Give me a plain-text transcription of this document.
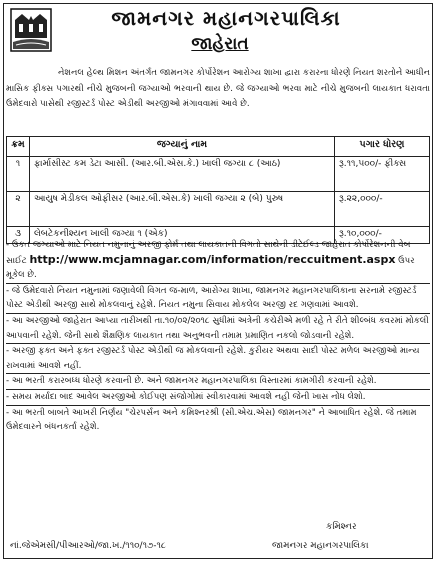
જામનગર મહાનગરપાલિકા
જાહેરાત
નેશનલ હેલ્થ મિશન અંતર્ગત જામનગર કોર્પોરેશન આરોગ્ય શાખા દ્વારા કરારના ધોરણે નિયત શરતોને આધીન માસિક ફીક્સ પગારથી નીચે મુજબની જગ્યાઓ ભરવાની થાય છે. જે જગ્યાઓ ભરવા માટે નીચે મુજબની લાયકાત ધરાવતા ઉમેદવારો પાસેથી રજીસ્ટર્ડ પોસ્ટ એડીથી અરજીઓ મંગાવવામાં આવે છે.
ક્રમ	જગ્યાનું નામ	પગાર ધોરણ
૧	ફાર્માસીસ્ટ કમ ડેટા આસી. (આર.બી.એસ.કે.) ખાલી જગ્યા ૮ (આઠ)	રૂ.૧૧,૫૦૦/- ફીક્સ
૨	આયુષ મેડીકલ ઓફીસર (આર.બી.એસ.કે) ખાલી જગ્યા ૨ (બે) પુરુષ	રૂ.૨૨,૦૦૦/-
૩	લેબટેકનીશ્યન ખાલી જગ્યા ૧ (એક)	રૂ.૧૦,૦૦૦/-

- ઉકત જગ્યાઓ માટે નિયત નમુનાનું અરજી ફોર્મ તથા લાયકાતની વિગતો સાથેની ડીટેઈલ્ડ જાહેરાત કોર્પોરેશનની વેબ સાઈટ http://www.mcjamnagar.com/information/reccuitment.aspx ઉપર મૂકેલ છે.

- જે ઉમેદવારો નિયત નમુનામાં જણાવેલી વિગત જ-માળ, આરોગ્ય શાખા, જામનગર મહાનગરપાલિકાના સરનામે રજીસ્ટર્ડ પોસ્ટ એડીથી અરજી સાથે મોકલવાનું રહેશે. નિયત નમુના સિવાય મોકલેલ અરજી રદ ગણવામાં આવશે.

- આ અરજીઓ જાહેરાત આપ્યા તારીખથી તા.૧૦/૦૨/૨૦૧૮ સુધીમાં અત્રેની કચેરીએ મળી રહે તે રીતે શીલ્બંધ કવરમાં મોકલી આપવાની રહેશે. જેની સાથે શૈક્ષણિક લાયકાત તથા અનુભવની તમામ પ્રમાણિત નકલો જોડવાની રહેશે.

- અરજી ફક્ત અને ફક્ત રજીસ્ટર્ડ પોસ્ટ એડીથી જ મોકલવાની રહેશે. કુરીયર અથવા સાદી પોસ્ટ મળેલ અરજીઓ માન્ય રાખવામાં આવશે નહીં.

- આ ભરતી કરારબધ્ધ ધોરણે કરવાની છે. અને જામનગર મહાનગરપાલિકા વિસ્તારમાં કામગીરી કરવાની રહેશે.

- સમય મર્યાદા બાદ આવેલ અરજીઓ કોઈપણ સંજોગોમાં સ્વીકારવામાં આવશે નહી જેની ખાસ નોંધ લેશો.

- આ ભરતી બાબતે આખરી નિર્ણય "ચેરપર્સન અને કમિશ્નરશ્રી (સી.એચ.એસ) જામનગર" ને આબાધિત રહેશે. જે તમામ ઉમેદવારને બંધનકર્તા રહેશે.

કમિશ્નર
નાં.જેએમસી/પીઆરઓ/જા.ખ./૧૧૦/૧૭-૧૮	જામનગર મહાનગરપાલિકા
